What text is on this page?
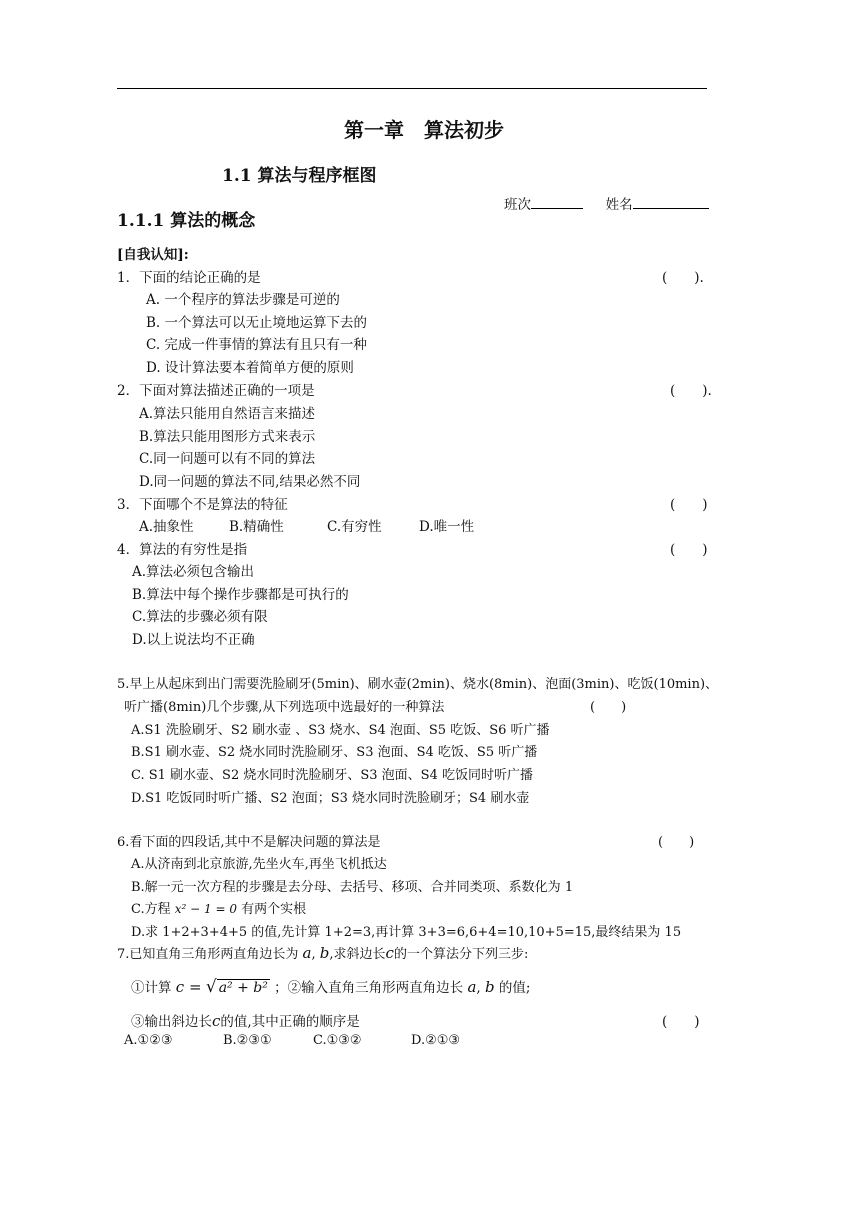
第一章　算法初步
1.1 算法与程序框图
班次	姓名
1.1.1 算法的概念
[自我认知]:
1．下面的结论正确的是	(　　).
A. 一个程序的算法步骤是可逆的
B. 一个算法可以无止境地运算下去的
C. 完成一件事情的算法有且只有一种
D. 设计算法要本着简单方便的原则
2．下面对算法描述正确的一项是	(　　).
A.算法只能用自然语言来描述
B.算法只能用图形方式来表示
C.同一问题可以有不同的算法
D.同一问题的算法不同,结果必然不同
3．下面哪个不是算法的特征	(　　)
A.抽象性	B.精确性	C.有穷性	D.唯一性
4．算法的有穷性是指	(　　)
A.算法必须包含输出
B.算法中每个操作步骤都是可执行的
C.算法的步骤必须有限
D.以上说法均不正确
5.早上从起床到出门需要洗脸刷牙(5min)、刷水壶(2min)、烧水(8min)、泡面(3min)、吃饭(10min)、
听广播(8min)几个步骤,从下列选项中选最好的一种算法	(　　)
A.S1 洗脸刷牙、S2 刷水壶 、S3 烧水、S4 泡面、S5 吃饭、S6 听广播
B.S1 刷水壶、S2 烧水同时洗脸刷牙、S3 泡面、S4 吃饭、S5 听广播
C. S1 刷水壶、S2 烧水同时洗脸刷牙、S3 泡面、S4 吃饭同时听广播
D.S1 吃饭同时听广播、S2 泡面；S3 烧水同时洗脸刷牙；S4 刷水壶
6.看下面的四段话,其中不是解决问题的算法是	(　　)
A.从济南到北京旅游,先坐火车,再坐飞机抵达
B.解一元一次方程的步骤是去分母、去括号、移项、合并同类项、系数化为 1
C.方程 x² − 1 = 0 有两个实根
D.求 1+2+3+4+5 的值,先计算 1+2=3,再计算 3+3=6,6+4=10,10+5=15,最终结果为 15
7.已知直角三角形两直角边长为 a, b,求斜边长c的一个算法分下列三步:
①计算 c = √ a² + b² ；②输入直角三角形两直角边长 a, b 的值;
③输出斜边长c的值,其中正确的顺序是	(　　)
A.①②③	B.②③①	C.①③②	D.②①③
